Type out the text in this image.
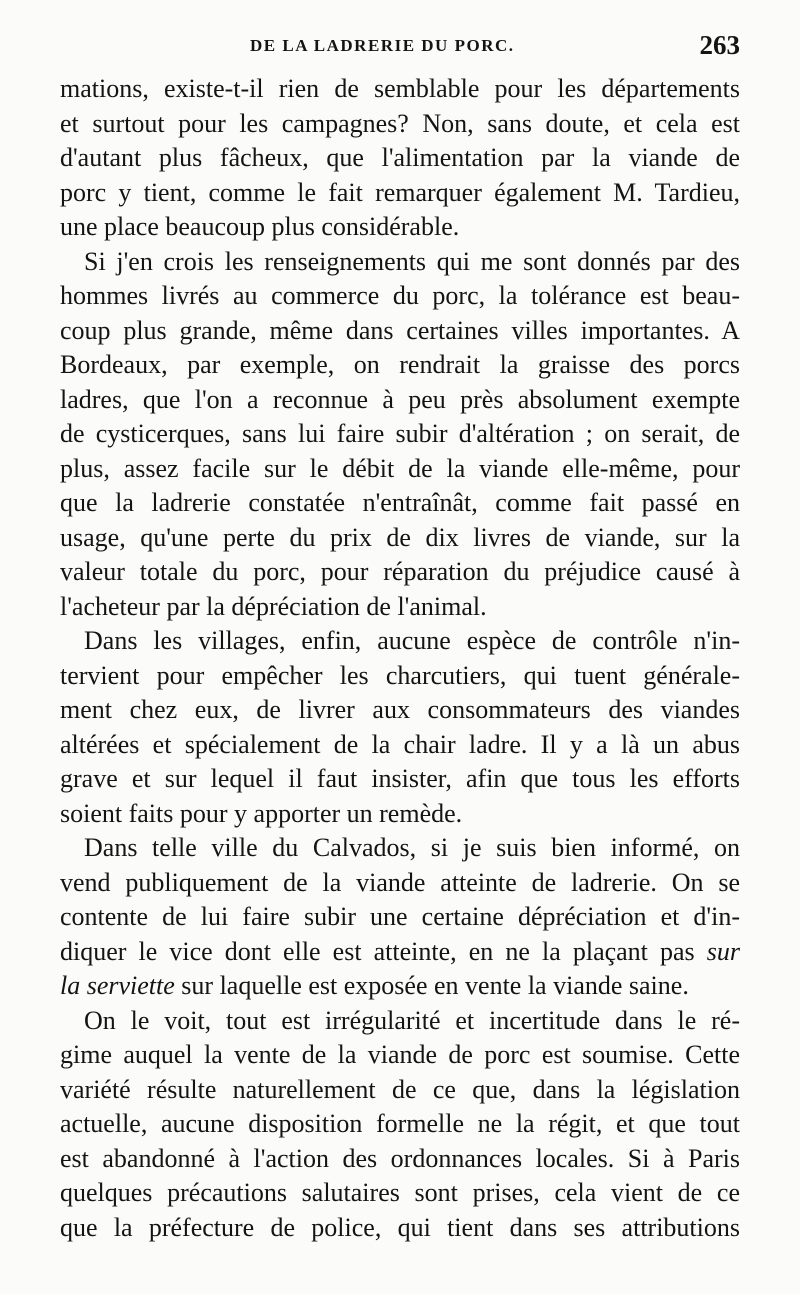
DE LA LADRERIE DU PORC.	263
mations, existe-t-il rien de semblable pour les départements
et surtout pour les campagnes? Non, sans doute, et cela est
d'autant plus fâcheux, que l'alimentation par la viande de
porc y tient, comme le fait remarquer également M. Tardieu,
une place beaucoup plus considérable.
Si j'en crois les renseignements qui me sont donnés par des
hommes livrés au commerce du porc, la tolérance est beau-
coup plus grande, même dans certaines villes importantes. A
Bordeaux, par exemple, on rendrait la graisse des porcs
ladres, que l'on a reconnue à peu près absolument exempte
de cysticerques, sans lui faire subir d'altération ; on serait, de
plus, assez facile sur le débit de la viande elle-même, pour
que la ladrerie constatée n'entraînât, comme fait passé en
usage, qu'une perte du prix de dix livres de viande, sur la
valeur totale du porc, pour réparation du préjudice causé à
l'acheteur par la dépréciation de l'animal.
Dans les villages, enfin, aucune espèce de contrôle n'in-
tervient pour empêcher les charcutiers, qui tuent générale-
ment chez eux, de livrer aux consommateurs des viandes
altérées et spécialement de la chair ladre. Il y a là un abus
grave et sur lequel il faut insister, afin que tous les efforts
soient faits pour y apporter un remède.
Dans telle ville du Calvados, si je suis bien informé, on
vend publiquement de la viande atteinte de ladrerie. On se
contente de lui faire subir une certaine dépréciation et d'in-
diquer le vice dont elle est atteinte, en ne la plaçant pas sur
la serviette sur laquelle est exposée en vente la viande saine.
On le voit, tout est irrégularité et incertitude dans le ré-
gime auquel la vente de la viande de porc est soumise. Cette
variété résulte naturellement de ce que, dans la législation
actuelle, aucune disposition formelle ne la régit, et que tout
est abandonné à l'action des ordonnances locales. Si à Paris
quelques précautions salutaires sont prises, cela vient de ce
que la préfecture de police, qui tient dans ses attributions
